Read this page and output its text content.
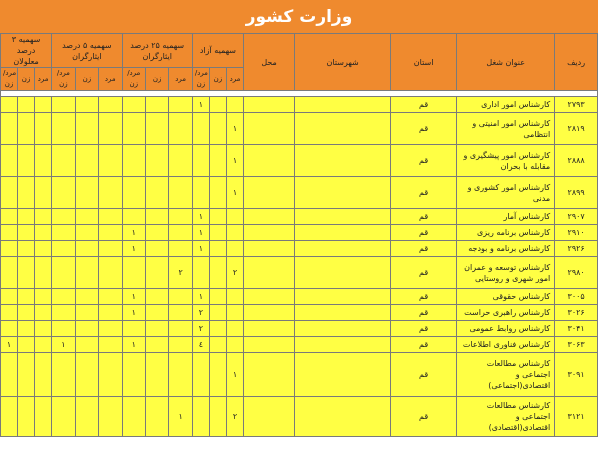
وزارت کشور
سهمیه ۳ درصد معلولان			سهمیه ۵ درصد ایثارگران			سهمیه ۲۵ درصد ایثارگران			سهمیه آزاد			محل	شهرستان	استان	عنوان شغل	ردیف
مرد/زن	زن	مرد	مرد/زن	زن	مرد	مرد/زن	زن	مرد	مرد/زن	زن	مرد					

									۱					قم	کارشناس امور اداری	۲۷۹۳
											۱			قم	کارشناس امور امنیتی و انتظامی	۲۸۱۹
											۱			قم	کارشناس امور پیشگیری و مقابله با بحران	۲۸۸۸
											۱			قم	کارشناس امور کشوری و مدنی	۲۸۹۹
									۱					قم	کارشناس آمار	۲۹۰۷
						۱			۱					قم	کارشناس برنامه ریزی	۲۹۱۰
						۱			۱					قم	کارشناس برنامه و بودجه	۲۹۲۶
								۲			۲			قم	کارشناس توسعه و عمران امور شهری و روستایی	۲۹۸۰
						۱			۱					قم	کارشناس حقوقی	۳۰۰۵
						۱			۲					قم	کارشناس راهبری حراست	۳۰۲۶
									۲					قم	کارشناس روابط عمومی	۳۰۴۱
۱			۱			۱			٤					قم	کارشناس فناوری اطلاعات	۳۰۶۳
											۱			قم	کارشناس مطالعات اجتماعی و اقتصادی(اجتماعی)	۳۰۹۱
								۱			۲			قم	کارشناس مطالعات اجتماعی و اقتصادی(اقتصادی)	۳۱۲۱
